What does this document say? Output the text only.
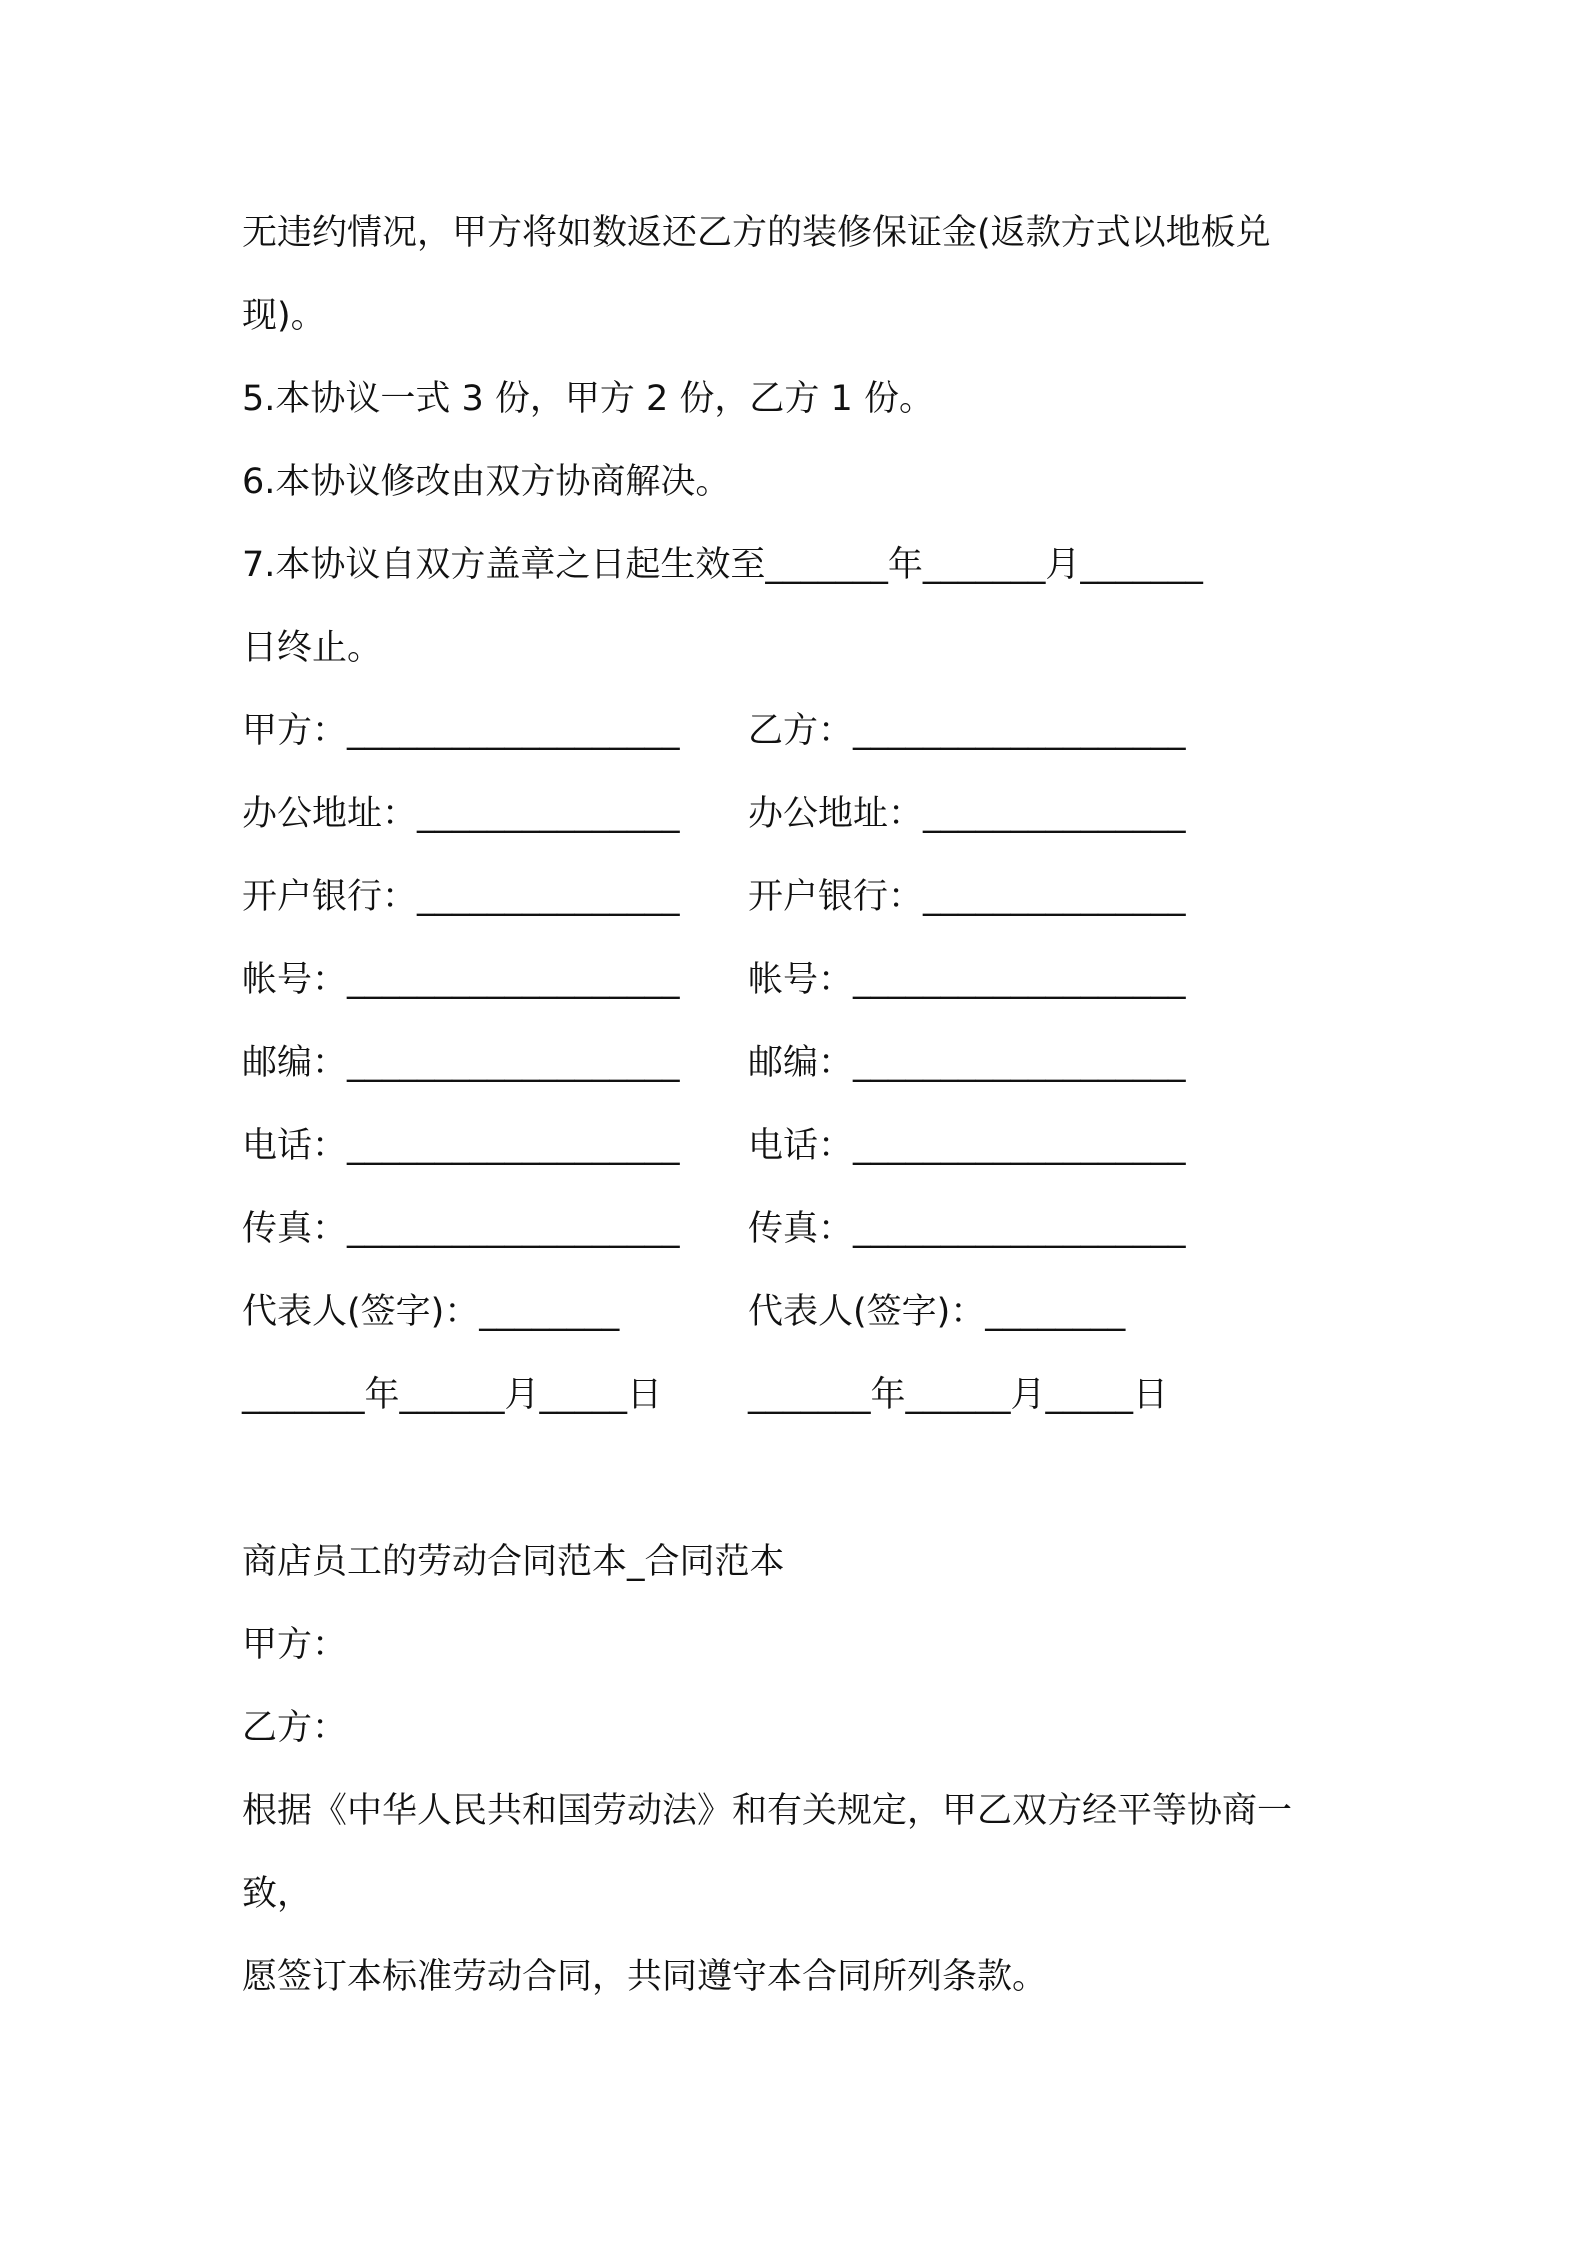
无违约情况，甲方将如数返还乙方的装修保证金(返款方式以地板兑
现)。
5.本协议一式 3 份，甲方 2 份，乙方 1 份。
6.本协议修改由双方协商解决。
7.本协议自双方盖章之日起生效至_______年_______月_______
日终止。
甲方：___________________ 乙方：___________________
办公地址：_______________ 办公地址：_______________
开户银行：_______________ 开户银行：_______________
帐号：___________________ 帐号：___________________
邮编：___________________ 邮编：___________________
电话：___________________ 电话：___________________
传真：___________________ 传真：___________________
代表人(签字)：________	代表人(签字)：________
_______年______月_____日 _______年______月_____日
商店员工的劳动合同范本_合同范本
甲方：
乙方：
根据《中华人民共和国劳动法》和有关规定，甲乙双方经平等协商一
致，
愿签订本标准劳动合同，共同遵守本合同所列条款。
